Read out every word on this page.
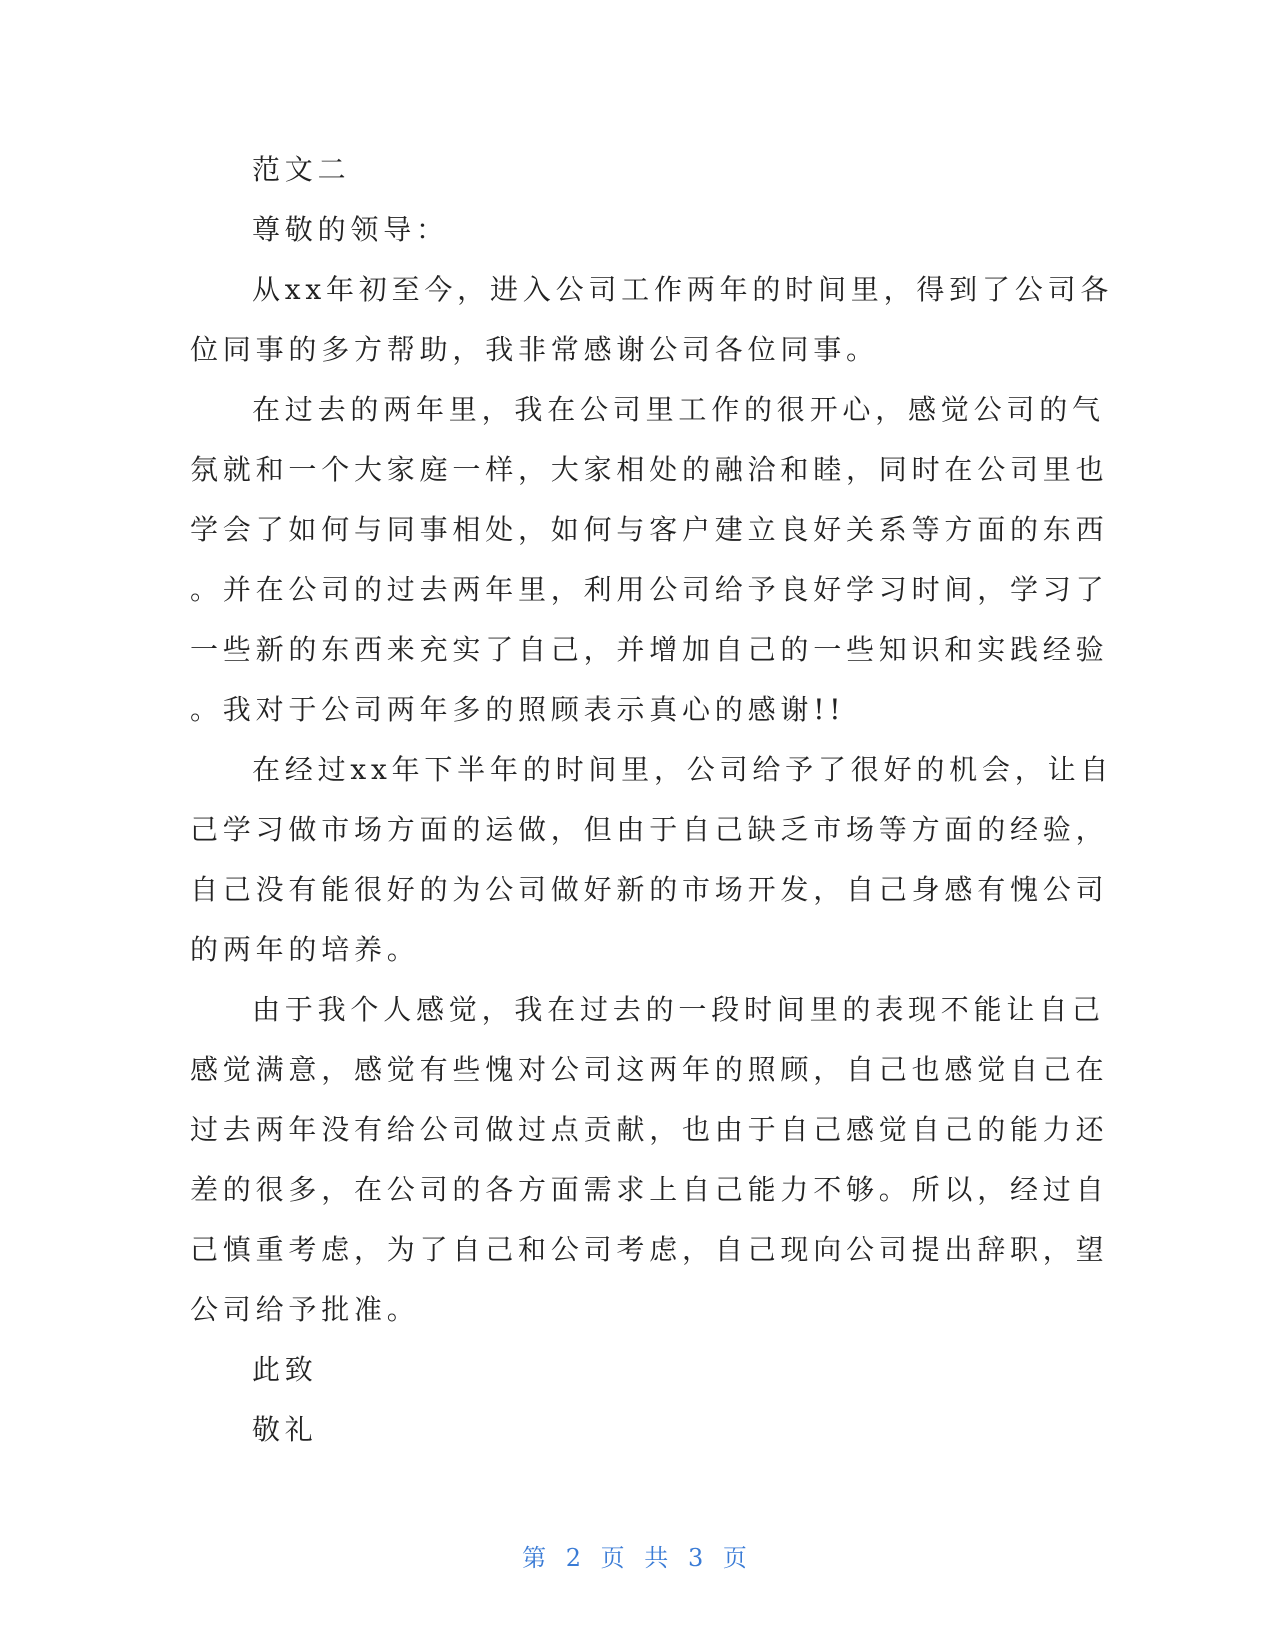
范文二
尊敬的领导：
从xx年初至今，进入公司工作两年的时间里，得到了公司各
位同事的多方帮助，我非常感谢公司各位同事。
在过去的两年里，我在公司里工作的很开心，感觉公司的气
氛就和一个大家庭一样，大家相处的融洽和睦，同时在公司里也
学会了如何与同事相处，如何与客户建立良好关系等方面的东西
。并在公司的过去两年里，利用公司给予良好学习时间，学习了
一些新的东西来充实了自己，并增加自己的一些知识和实践经验
。我对于公司两年多的照顾表示真心的感谢!!
在经过xx年下半年的时间里，公司给予了很好的机会，让自
己学习做市场方面的运做，但由于自己缺乏市场等方面的经验，
自己没有能很好的为公司做好新的市场开发，自己身感有愧公司
的两年的培养。
由于我个人感觉，我在过去的一段时间里的表现不能让自己
感觉满意，感觉有些愧对公司这两年的照顾，自己也感觉自己在
过去两年没有给公司做过点贡献，也由于自己感觉自己的能力还
差的很多，在公司的各方面需求上自己能力不够。所以，经过自
己慎重考虑，为了自己和公司考虑，自己现向公司提出辞职，望
公司给予批准。
此致
敬礼
第 2 页 共 3 页
